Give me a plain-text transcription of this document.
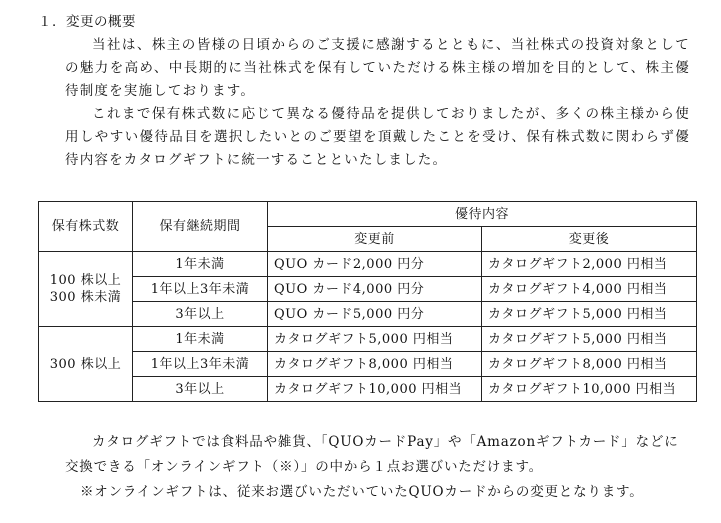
１．変更の概要

当社は、株主の皆様の日頃からのご支援に感謝するとともに、当社株式の投資対象としての魅力を高め、中長期的に当社株式を保有していただける株主様の増加を目的として、株主優待制度を実施しております。

これまで保有株式数に応じて異なる優待品を提供しておりましたが、多くの株主様から使用しやすい優待品目を選択したいとのご要望を頂戴したことを受け、保有株式数に関わらず優待内容をカタログギフトに統一することといたしました。

保有株式数	保有継続期間	優待内容	
		変更前	変更後
100 株以上
300 株未満	1年未満	QUO カード2,000 円分	カタログギフト2,000 円相当
	1年以上3年未満	QUO カード4,000 円分	カタログギフト4,000 円相当
	3年以上	QUO カード5,000 円分	カタログギフト5,000 円相当
300 株以上	1年未満	カタログギフト5,000 円相当	カタログギフト5,000 円相当
	1年以上3年未満	カタログギフト8,000 円相当	カタログギフト8,000 円相当
	3年以上	カタログギフト10,000 円相当	カタログギフト10,000 円相当

カタログギフトでは食料品や雑貨、「QUOカードPay」や「Amazonギフトカード」などに交換できる「オンラインギフト（※）」の中から１点お選びいただけます。

※オンラインギフトは、従来お選びいただいていたQUOカードからの変更となります。
